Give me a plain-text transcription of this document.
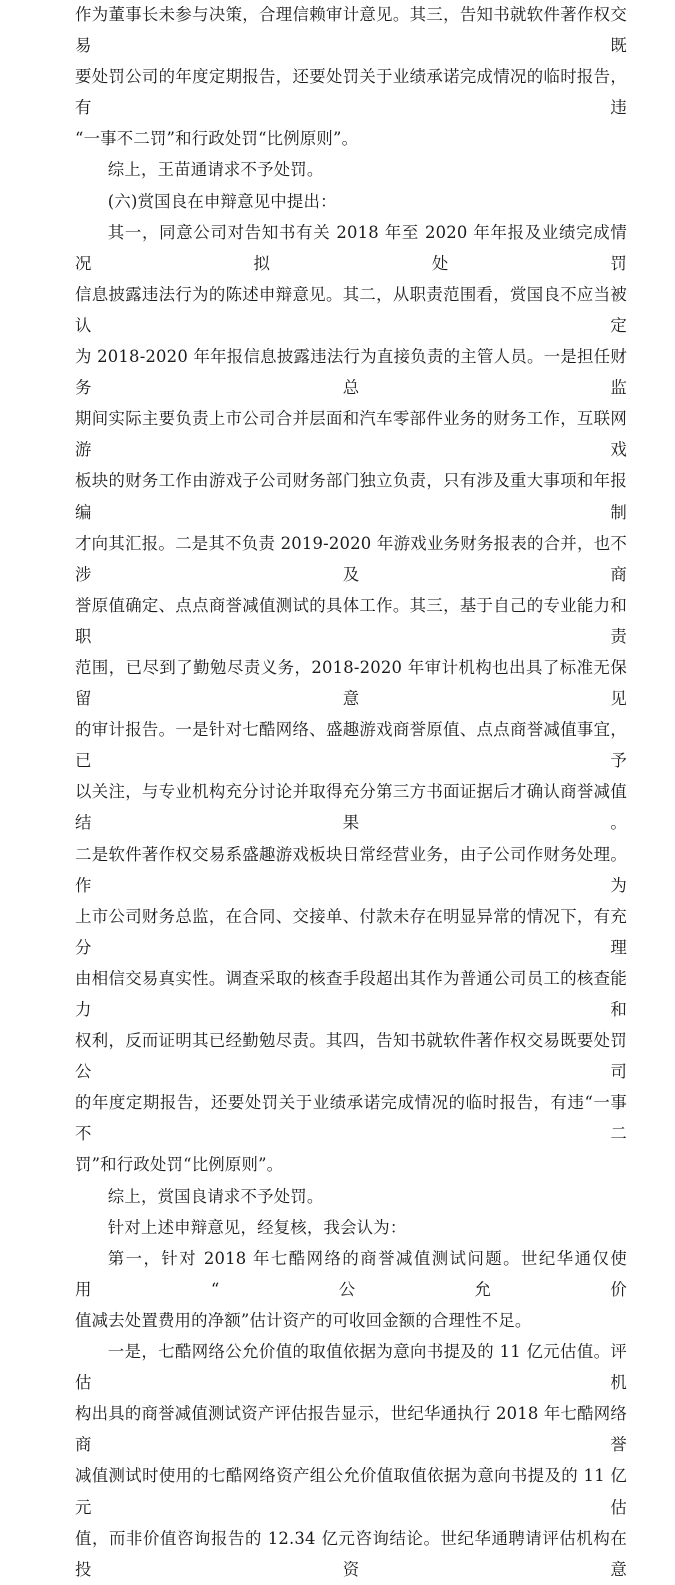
作为董事长未参与决策，合理信赖审计意见。其三，告知书就软件著作权交易既

要处罚公司的年度定期报告，还要处罚关于业绩承诺完成情况的临时报告，有违

“一事不二罚”和行政处罚“比例原则”。

综上，王苗通请求不予处罚。

(六)赏国良在申辩意见中提出：

其一，同意公司对告知书有关 2018 年至 2020 年年报及业绩完成情况拟处罚

信息披露违法行为的陈述申辩意见。其二，从职责范围看，赏国良不应当被认定

为 2018-2020 年年报信息披露违法行为直接负责的主管人员。一是担任财务总监

期间实际主要负责上市公司合并层面和汽车零部件业务的财务工作，互联网游戏

板块的财务工作由游戏子公司财务部门独立负责，只有涉及重大事项和年报编制

才向其汇报。二是其不负责 2019-2020 年游戏业务财务报表的合并，也不涉及商

誉原值确定、点点商誉减值测试的具体工作。其三，基于自己的专业能力和职责

范围，已尽到了勤勉尽责义务，2018-2020 年审计机构也出具了标准无保留意见

的审计报告。一是针对七酷网络、盛趣游戏商誉原值、点点商誉减值事宜，已予

以关注，与专业机构充分讨论并取得充分第三方书面证据后才确认商誉减值结果。

二是软件著作权交易系盛趣游戏板块日常经营业务，由子公司作财务处理。作为

上市公司财务总监，在合同、交接单、付款未存在明显异常的情况下，有充分理

由相信交易真实性。调查采取的核查手段超出其作为普通公司员工的核查能力和

权利，反而证明其已经勤勉尽责。其四，告知书就软件著作权交易既要处罚公司

的年度定期报告，还要处罚关于业绩承诺完成情况的临时报告，有违“一事不二

罚”和行政处罚“比例原则”。

综上，赏国良请求不予处罚。

针对上述申辩意见，经复核，我会认为：

第一，针对 2018 年七酷网络的商誉减值测试问题。世纪华通仅使用“公允价

值减去处置费用的净额”估计资产的可收回金额的合理性不足。

一是，七酷网络公允价值的取值依据为意向书提及的 11 亿元估值。评估机

构出具的商誉减值测试资产评估报告显示，世纪华通执行 2018 年七酷网络商誉

减值测试时使用的七酷网络资产组公允价值取值依据为意向书提及的 11 亿元估

值，而非价值咨询报告的 12.34 亿元咨询结论。世纪华通聘请评估机构在投资意
